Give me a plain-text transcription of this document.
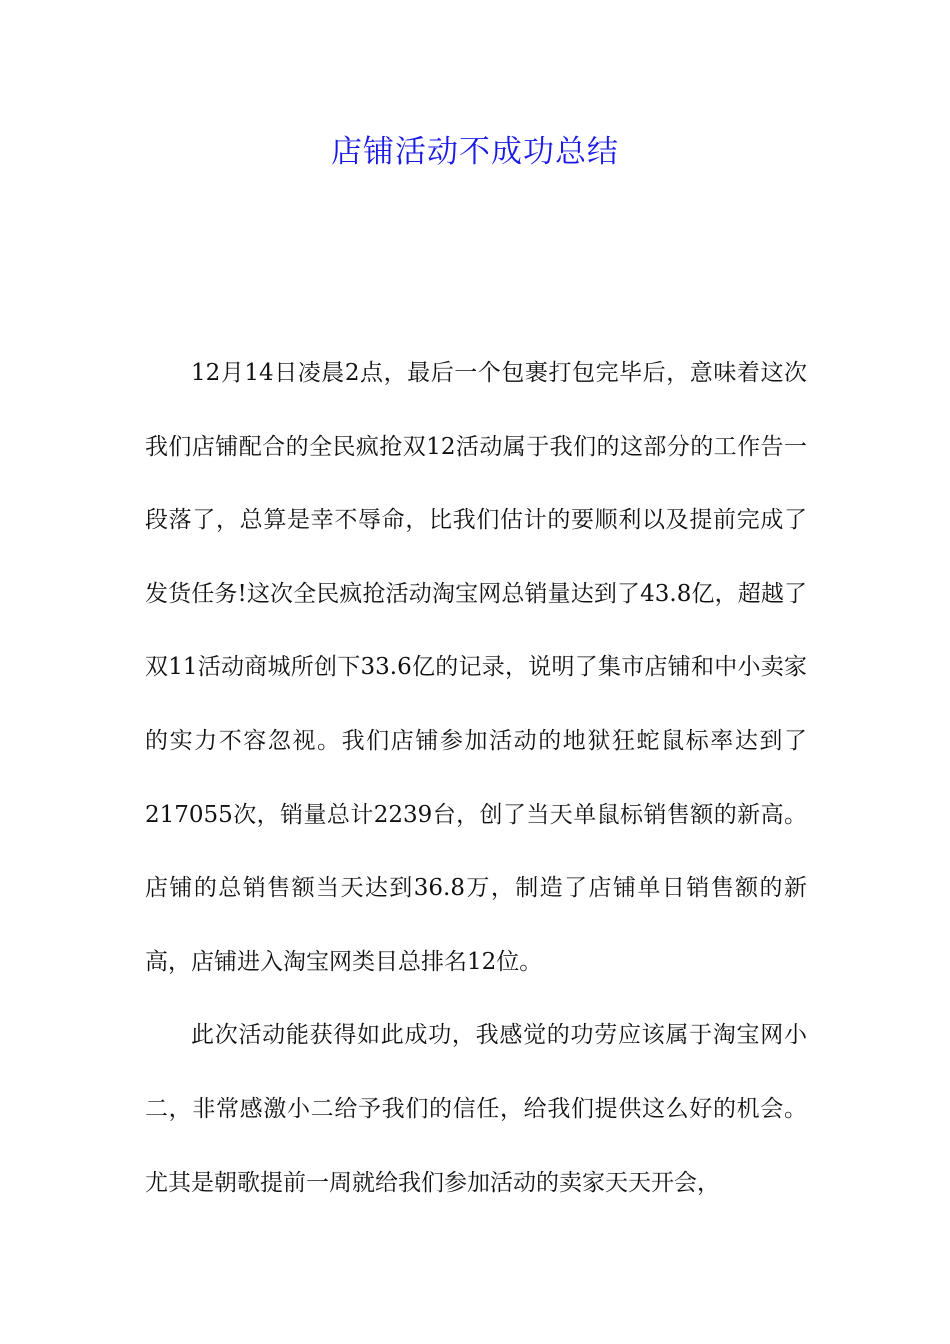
店铺活动不成功总结

12月14日凌晨2点，最后一个包裹打包完毕后，意味着这次我们店铺配合的全民疯抢双12活动属于我们的这部分的工作告一段落了，总算是幸不辱命，比我们估计的要顺利以及提前完成了发货任务!这次全民疯抢活动淘宝网总销量达到了43.8亿，超越了双11活动商城所创下33.6亿的记录，说明了集市店铺和中小卖家的实力不容忽视。我们店铺参加活动的地狱狂蛇鼠标率达到了217055次，销量总计2239台，创了当天单鼠标销售额的新高。店铺的总销售额当天达到36.8万，制造了店铺单日销售额的新高，店铺进入淘宝网类目总排名12位。

此次活动能获得如此成功，我感觉的功劳应该属于淘宝网小二，非常感激小二给予我们的信任，给我们提供这么好的机会。尤其是朝歌提前一周就给我们参加活动的卖家天天开会，
